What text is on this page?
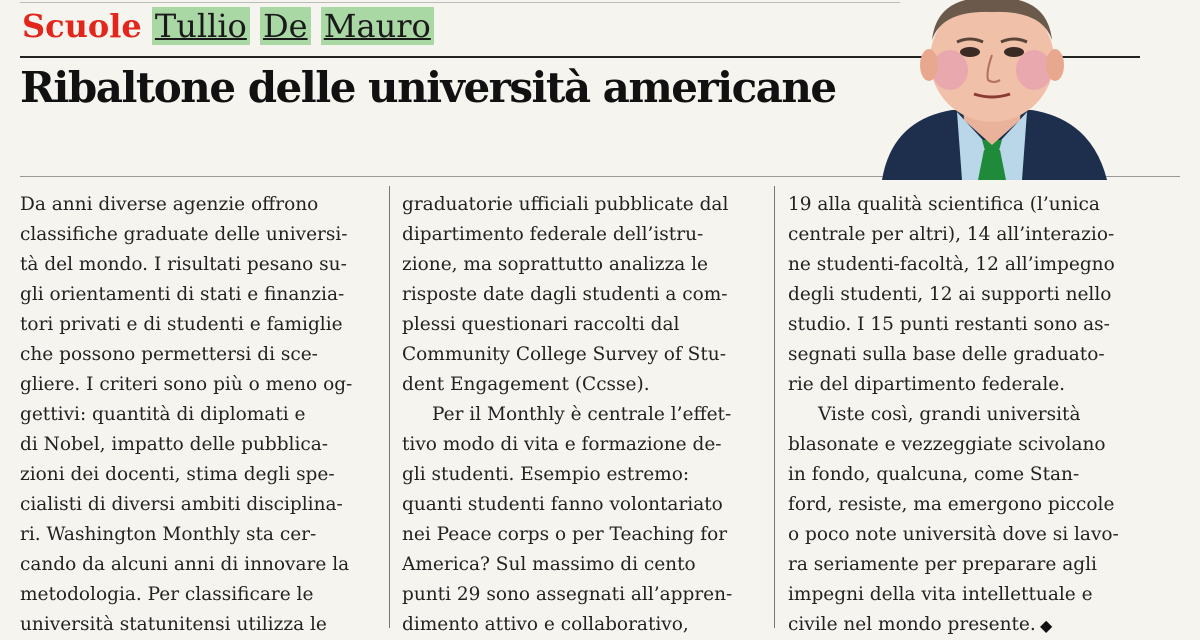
Scuole Tullio De Mauro
Ribaltone delle università americane
Da anni diverse agenzie offrono
classifiche graduate delle universi-
tà del mondo. I risultati pesano su-
gli orientamenti di stati e finanzia-
tori privati e di studenti e famiglie
che possono permettersi di sce-
gliere. I criteri sono più o meno og-
gettivi: quantità di diplomati e
di Nobel, impatto delle pubblica-
zioni dei docenti, stima degli spe-
cialisti di diversi ambiti disciplina-
ri. Washington Monthly sta cer-
cando da alcuni anni di innovare la
metodologia. Per classificare le
università statunitensi utilizza le
graduatorie ufficiali pubblicate dal
dipartimento federale dell’istru-
zione, ma soprattutto analizza le
risposte date dagli studenti a com-
plessi questionari raccolti dal
Community College Survey of Stu-
dent Engagement (Ccsse).
Per il Monthly è centrale l’effet-
tivo modo di vita e formazione de-
gli studenti. Esempio estremo:
quanti studenti fanno volontariato
nei Peace corps o per Teaching for
America? Sul massimo di cento
punti 29 sono assegnati all’appren-
dimento attivo e collaborativo,
19 alla qualità scientifica (l’unica
centrale per altri), 14 all’interazio-
ne studenti-facoltà, 12 all’impegno
degli studenti, 12 ai supporti nello
studio. I 15 punti restanti sono as-
segnati sulla base delle graduato-
rie del dipartimento federale.
Viste così, grandi università
blasonate e vezzeggiate scivolano
in fondo, qualcuna, come Stan-
ford, resiste, ma emergono piccole
o poco note università dove si lavo-
ra seriamente per preparare agli
impegni della vita intellettuale e
civile nel mondo presente. ◆
